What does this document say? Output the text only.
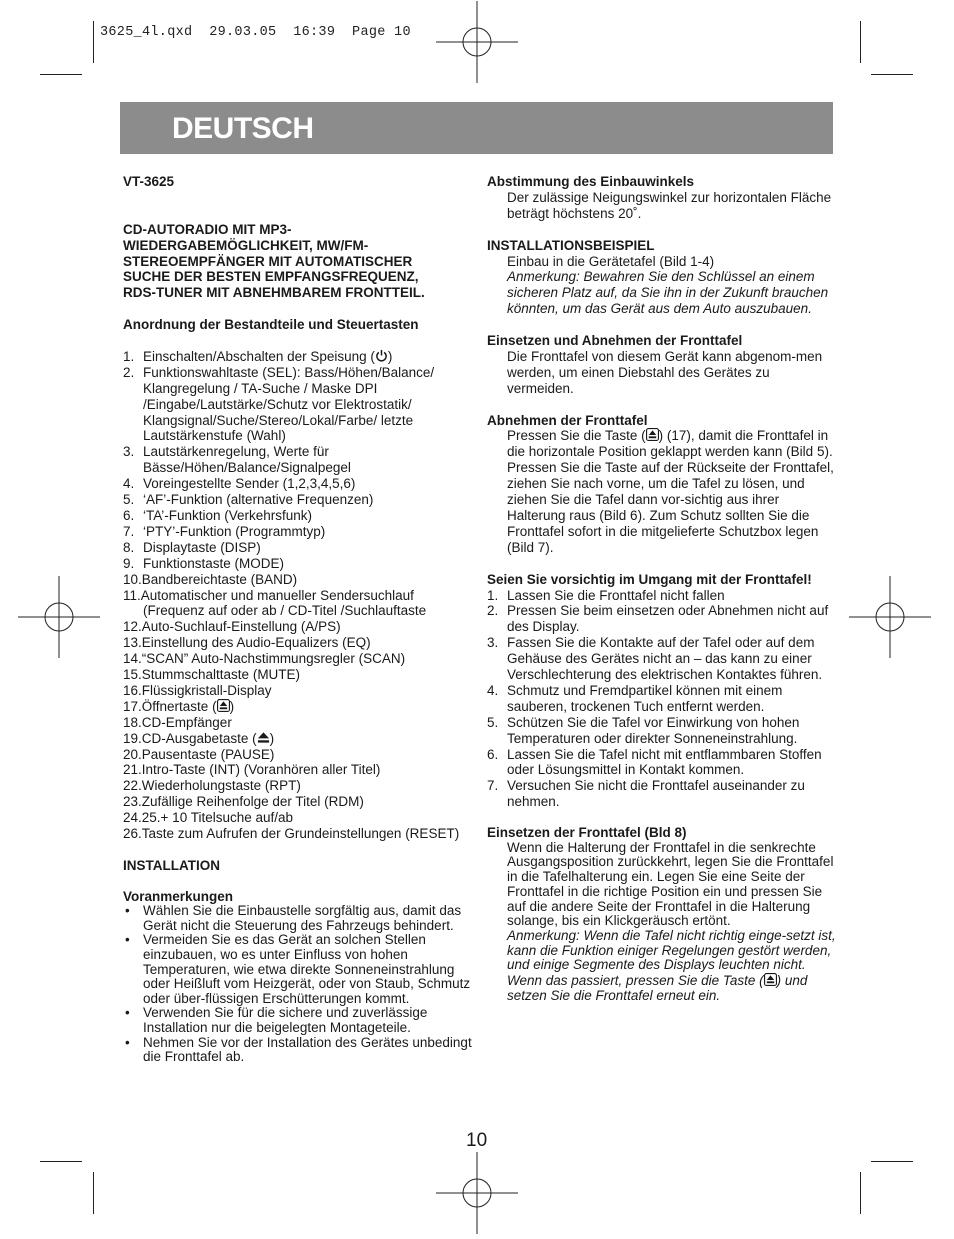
3625_4l.qxd  29.03.05  16:39  Page 10
DEUTSCH
VT-3625
CD-AUTORADIO MIT MP3-
WIEDERGABEMÖGLICHKEIT, MW/FM-
STEREOEMPFÄNGER MIT AUTOMATISCHER
SUCHE DER BESTEN EMPFANGSFREQUENZ,
RDS-TUNER MIT ABNEHMBAREM FRONTTEIL.
Anordnung der Bestandteile und Steuertasten
1. Einschalten/Abschalten der Speisung ( )
2. Funktionswahltaste (SEL): Bass/Höhen/Balance/ Klangregelung / TA-Suche / Maske DPI /Eingabe/Lautstärke/Schutz vor Elektrostatik/ Klangsignal/Suche/Stereo/Lokal/Farbe/ letzte Lautstärkenstufe (Wahl)
3. Lautstärkenregelung, Werte für Bässe/Höhen/Balance/Signalpegel
4. Voreingestellte Sender (1,2,3,4,5,6)
5. ‘AF’-Funktion (alternative Frequenzen)
6. ‘TA’-Funktion (Verkehrsfunk)
7. ‘PTY’-Funktion (Programmtyp)
8. Displaytaste (DISP)
9. Funktionstaste (MODE)
10.Bandbereichtaste (BAND)
11.Automatischer und manueller Sendersuchlauf (Frequenz auf oder ab / CD-Titel /Suchlauftaste
12.Auto-Suchlauf-Einstellung (A/PS)
13.Einstellung des Audio-Equalizers (EQ)
14.“SCAN” Auto-Nachstimmungsregler (SCAN)
15.Stummschalttaste (MUTE)
16.Flüssigkristall-Display
17.Öffnertaste ( )
18.CD-Empfänger
19.CD-Ausgabetaste ( )
20.Pausentaste (PAUSE)
21.Intro-Taste (INT) (Voranhören aller Titel)
22.Wiederholungstaste (RPT)
23.Zufällige Reihenfolge der Titel (RDM)
24.25.+ 10 Titelsuche auf/ab
26.Taste zum Aufrufen der Grundeinstellungen (RESET)
INSTALLATION
Voranmerkungen
• Wählen Sie die Einbaustelle sorgfältig aus, damit das Gerät nicht die Steuerung des Fahrzeugs behindert.
• Vermeiden Sie es das Gerät an solchen Stellen einzubauen, wo es unter Einfluss von hohen Temperaturen, wie etwa direkte Sonneneinstrahlung oder Heißluft vom Heizgerät, oder von Staub, Schmutz oder über-flüssigen Erschütterungen kommt.
• Verwenden Sie für die sichere und zuverlässige Installation nur die beigelegten Montageteile.
• Nehmen Sie vor der Installation des Gerätes unbedingt die Fronttafel ab.
Abstimmung des Einbauwinkels
Der zulässige Neigungswinkel zur horizontalen Fläche beträgt höchstens 20˚.
INSTALLATIONSBEISPIEL
Einbau in die Gerätetafel (Bild 1-4)
Anmerkung: Bewahren Sie den Schlüssel an einem sicheren Platz auf, da Sie ihn in der Zukunft brauchen könnten, um das Gerät aus dem Auto auszubauen.
Einsetzen und Abnehmen der Fronttafel
Die Fronttafel von diesem Gerät kann abgenom-men werden, um einen Diebstahl des Gerätes zu vermeiden.
Abnehmen der Fronttafel
Pressen Sie die Taste ( ) (17), damit die Fronttafel in die horizontale Position geklappt werden kann (Bild 5).
Pressen Sie die Taste auf der Rückseite der Fronttafel, ziehen Sie nach vorne, um die Tafel zu lösen, und ziehen Sie die Tafel dann vor-sichtig aus ihrer Halterung raus (Bild 6). Zum Schutz sollten Sie die Fronttafel sofort in die mitgelieferte Schutzbox legen (Bild 7).
Seien Sie vorsichtig im Umgang mit der Fronttafel!
1. Lassen Sie die Fronttafel nicht fallen
2. Pressen Sie beim einsetzen oder Abnehmen nicht auf des Display.
3. Fassen Sie die Kontakte auf der Tafel oder auf dem Gehäuse des Gerätes nicht an – das kann zu einer Verschlechterung des elektrischen Kontaktes führen.
4. Schmutz und Fremdpartikel können mit einem sauberen, trockenen Tuch entfernt werden.
5. Schützen Sie die Tafel vor Einwirkung von hohen Temperaturen oder direkter Sonneneinstrahlung.
6. Lassen Sie die Tafel nicht mit entflammbaren Stoffen oder Lösungsmittel in Kontakt kommen.
7. Versuchen Sie nicht die Fronttafel auseinander zu nehmen.
Einsetzen der Fronttafel (Bld 8)
Wenn die Halterung der Fronttafel in die senkrechte Ausgangsposition zurückkehrt, legen Sie die Fronttafel in die Tafelhalterung ein. Legen Sie eine Seite der Fronttafel in die richtige Position ein und pressen Sie auf die andere Seite der Fronttafel in die Halterung solange, bis ein Klickgeräusch ertönt.
Anmerkung: Wenn die Tafel nicht richtig einge-setzt ist, kann die Funktion einiger Regelungen gestört werden, und einige Segmente des Displays leuchten nicht. Wenn das passiert, pressen Sie die Taste ( ) und setzen Sie die Fronttafel erneut ein.
10
